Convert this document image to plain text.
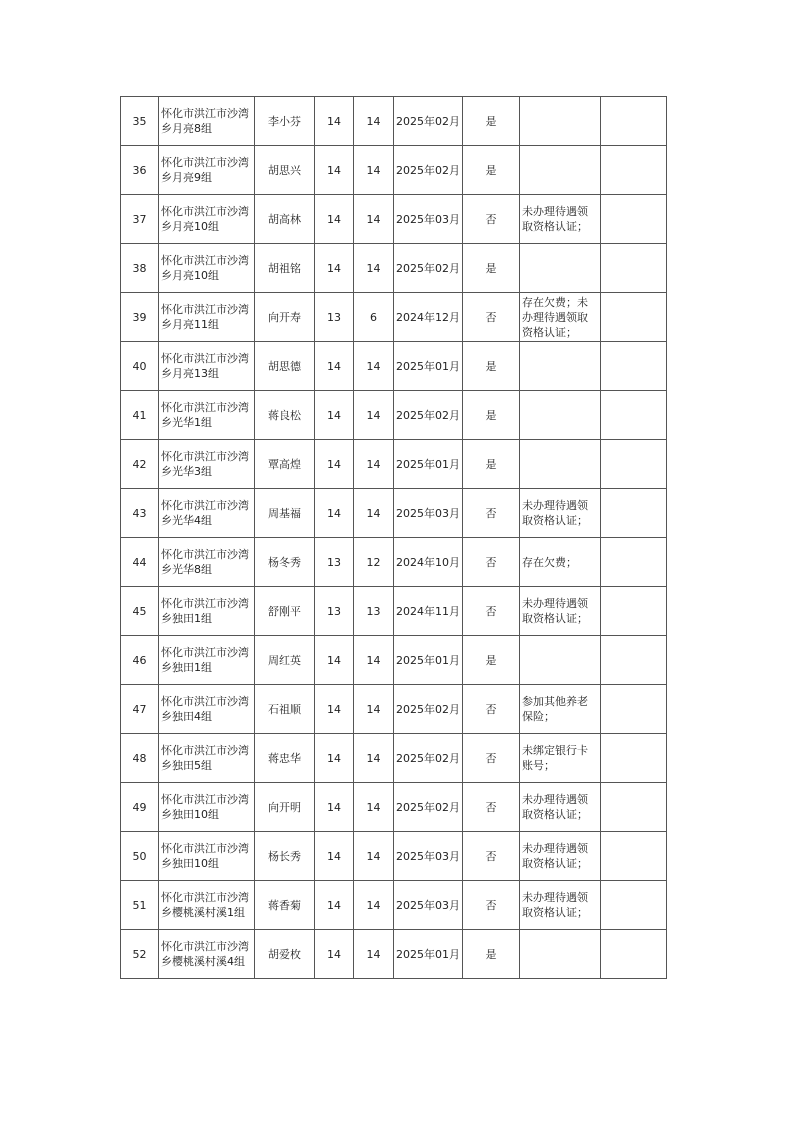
35	怀化市洪江市沙湾乡月亮8组	李小芬	14	14	2025年02月	是		
36	怀化市洪江市沙湾乡月亮9组	胡思兴	14	14	2025年02月	是		
37	怀化市洪江市沙湾乡月亮10组	胡高林	14	14	2025年03月	否	未办理待遇领取资格认证；	
38	怀化市洪江市沙湾乡月亮10组	胡祖铭	14	14	2025年02月	是		
39	怀化市洪江市沙湾乡月亮11组	向开寿	13	6	2024年12月	否	存在欠费；未办理待遇领取资格认证；	
40	怀化市洪江市沙湾乡月亮13组	胡思德	14	14	2025年01月	是		
41	怀化市洪江市沙湾乡光华1组	蒋良松	14	14	2025年02月	是		
42	怀化市洪江市沙湾乡光华3组	覃高煌	14	14	2025年01月	是		
43	怀化市洪江市沙湾乡光华4组	周基福	14	14	2025年03月	否	未办理待遇领取资格认证；	
44	怀化市洪江市沙湾乡光华8组	杨冬秀	13	12	2024年10月	否	存在欠费；	
45	怀化市洪江市沙湾乡独田1组	舒刚平	13	13	2024年11月	否	未办理待遇领取资格认证；	
46	怀化市洪江市沙湾乡独田1组	周红英	14	14	2025年01月	是		
47	怀化市洪江市沙湾乡独田4组	石祖顺	14	14	2025年02月	否	参加其他养老保险；	
48	怀化市洪江市沙湾乡独田5组	蒋忠华	14	14	2025年02月	否	未绑定银行卡账号；	
49	怀化市洪江市沙湾乡独田10组	向开明	14	14	2025年02月	否	未办理待遇领取资格认证；	
50	怀化市洪江市沙湾乡独田10组	杨长秀	14	14	2025年03月	否	未办理待遇领取资格认证；	
51	怀化市洪江市沙湾乡樱桃溪村溪1组	蒋香菊	14	14	2025年03月	否	未办理待遇领取资格认证；	
52	怀化市洪江市沙湾乡樱桃溪村溪4组	胡爱枚	14	14	2025年01月	是		
